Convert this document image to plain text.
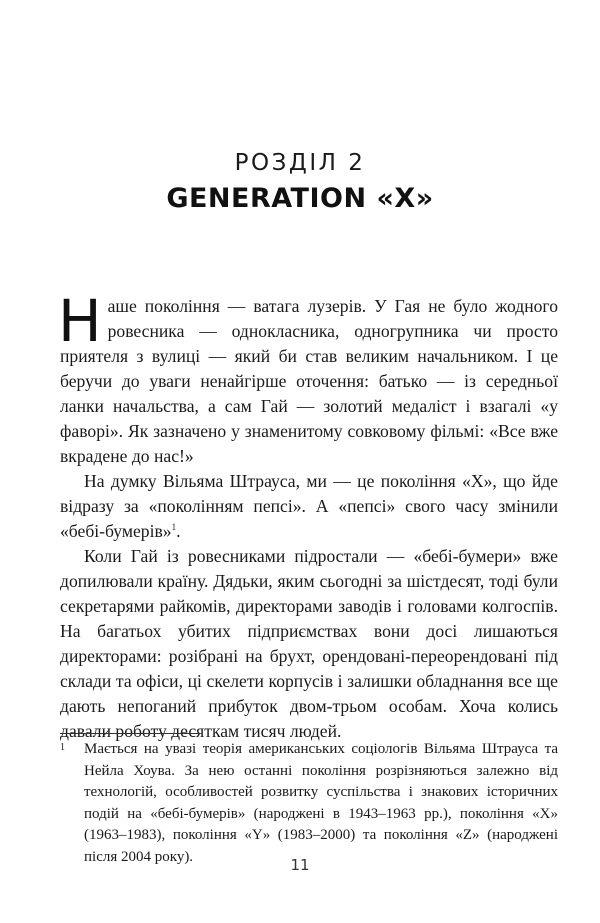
РОЗДІЛ 2
GENERATION «Х»

Наше покоління — ватага лузерів. У Гая не було жодного ровесника — однокласника, одногрупника чи просто приятеля з вулиці — який би став великим начальником. І це беручи до уваги ненайгірше оточення: батько — із середньої ланки начальства, а сам Гай — золотий медаліст і взагалі «у фаворі». Як зазначено у знаменитому совковому фільмі: «Все вже вкрадене до нас!»

На думку Вільяма Штрауса, ми — це покоління «Х», що йде відразу за «поколінням пепсі». А «пепсі» свого часу змінили «бебі-бумерів»$^1$.

Коли Гай із ровесниками підростали — «бебі-бумери» вже допилювали країну. Дядьки, яким сьогодні за шістдесят, тоді були секретарями райкомів, директорами заводів і головами колгоспів. На багатьох убитих підприємствах вони досі лишаються директорами: розібрані на брухт, орендовані-переорендовані під склади та офіси, ці скелети корпусів і залишки обладнання все ще дають непоганий прибуток двом-трьом особам. Хоча колись давали роботу десяткам тисяч людей.

1	Мається на увазі теорія американських соціологів Вільяма Штрауса та Нейла Хоува. За нею останні покоління розрізняються залежно від технологій, особливостей розвитку суспільства і знакових історичних подій на «бебі-бумерів» (народжені в 1943–1963 рр.), покоління «Х» (1963–1983), покоління «Y» (1983–2000) та покоління «Z» (народжені після 2004 року).	11
